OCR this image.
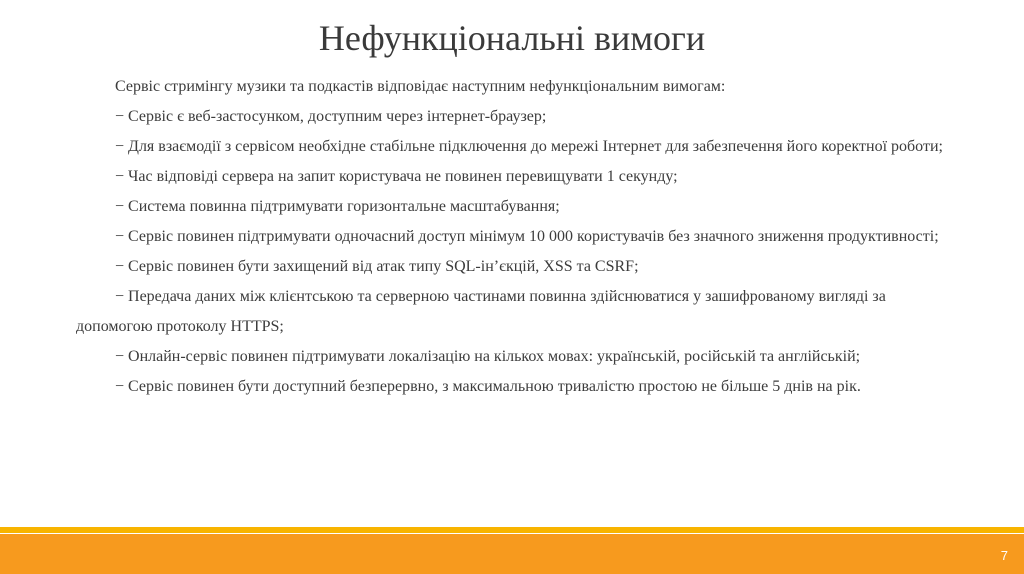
Нефункціональні вимоги

Сервіс стримінгу музики та подкастів відповідає наступним нефункціональним вимогам:

− Сервіс є веб-застосунком, доступним через інтернет-браузер;

− Для взаємодії з сервісом необхідне стабільне підключення до мережі Інтернет для забезпечення його коректної роботи;

− Час відповіді сервера на запит користувача не повинен перевищувати 1 секунду;

− Система повинна підтримувати горизонтальне масштабування;

− Сервіс повинен підтримувати одночасний доступ мінімум 10 000 користувачів без значного зниження продуктивності;

− Сервіс повинен бути захищений від атак типу SQL-ін’єкцій, XSS та CSRF;

− Передача даних між клієнтською та серверною частинами повинна здійснюватися у зашифрованому вигляді за допомогою протоколу HTTPS;

− Онлайн-сервіс повинен підтримувати локалізацію на кількох мовах: українській, російській та англійській;

− Сервіс повинен бути доступний безперервно, з максимальною тривалістю простою не більше 5 днів на рік.

7
